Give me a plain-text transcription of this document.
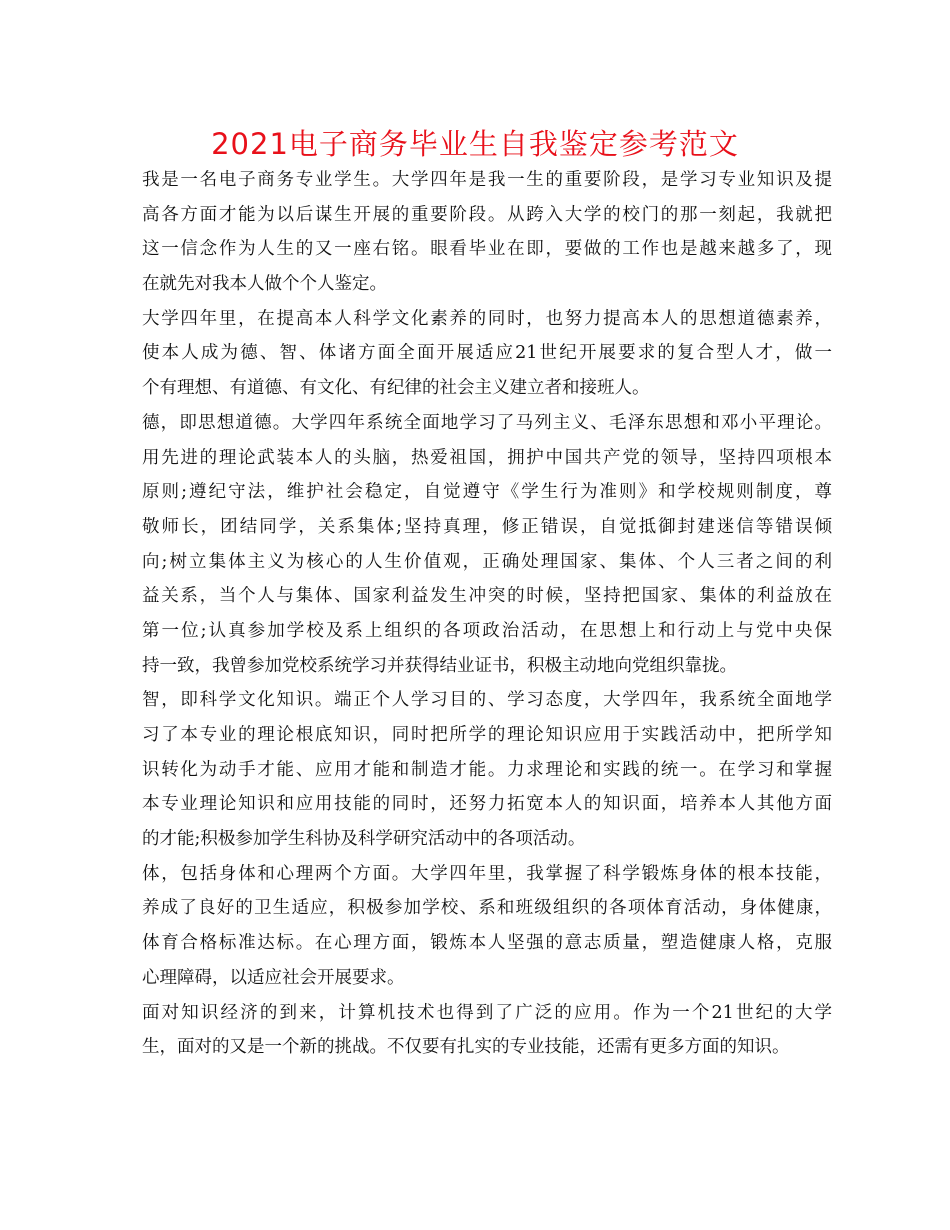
2021电子商务毕业生自我鉴定参考范文
我是一名电子商务专业学生。大学四年是我一生的重要阶段，是学习专业知识及提
高各方面才能为以后谋生开展的重要阶段。从跨入大学的校门的那一刻起，我就把
这一信念作为人生的又一座右铭。眼看毕业在即，要做的工作也是越来越多了，现
在就先对我本人做个个人鉴定。
大学四年里，在提高本人科学文化素养的同时，也努力提高本人的思想道德素养，
使本人成为德、智、体诸方面全面开展适应21世纪开展要求的复合型人才，做一
个有理想、有道德、有文化、有纪律的社会主义建立者和接班人。
德，即思想道德。大学四年系统全面地学习了马列主义、毛泽东思想和邓小平理论。
用先进的理论武装本人的头脑，热爱祖国，拥护中国共产党的领导，坚持四项根本
原则;遵纪守法，维护社会稳定，自觉遵守《学生行为准则》和学校规则制度，尊
敬师长，团结同学，关系集体;坚持真理，修正错误，自觉抵御封建迷信等错误倾
向;树立集体主义为核心的人生价值观，正确处理国家、集体、个人三者之间的利
益关系，当个人与集体、国家利益发生冲突的时候，坚持把国家、集体的利益放在
第一位;认真参加学校及系上组织的各项政治活动，在思想上和行动上与党中央保
持一致，我曾参加党校系统学习并获得结业证书，积极主动地向党组织靠拢。
智，即科学文化知识。端正个人学习目的、学习态度，大学四年，我系统全面地学
习了本专业的理论根底知识，同时把所学的理论知识应用于实践活动中，把所学知
识转化为动手才能、应用才能和制造才能。力求理论和实践的统一。在学习和掌握
本专业理论知识和应用技能的同时，还努力拓宽本人的知识面，培养本人其他方面
的才能;积极参加学生科协及科学研究活动中的各项活动。
体，包括身体和心理两个方面。大学四年里，我掌握了科学锻炼身体的根本技能，
养成了良好的卫生适应，积极参加学校、系和班级组织的各项体育活动，身体健康，
体育合格标准达标。在心理方面，锻炼本人坚强的意志质量，塑造健康人格，克服
心理障碍，以适应社会开展要求。
面对知识经济的到来，计算机技术也得到了广泛的应用。作为一个21世纪的大学
生，面对的又是一个新的挑战。不仅要有扎实的专业技能，还需有更多方面的知识。
